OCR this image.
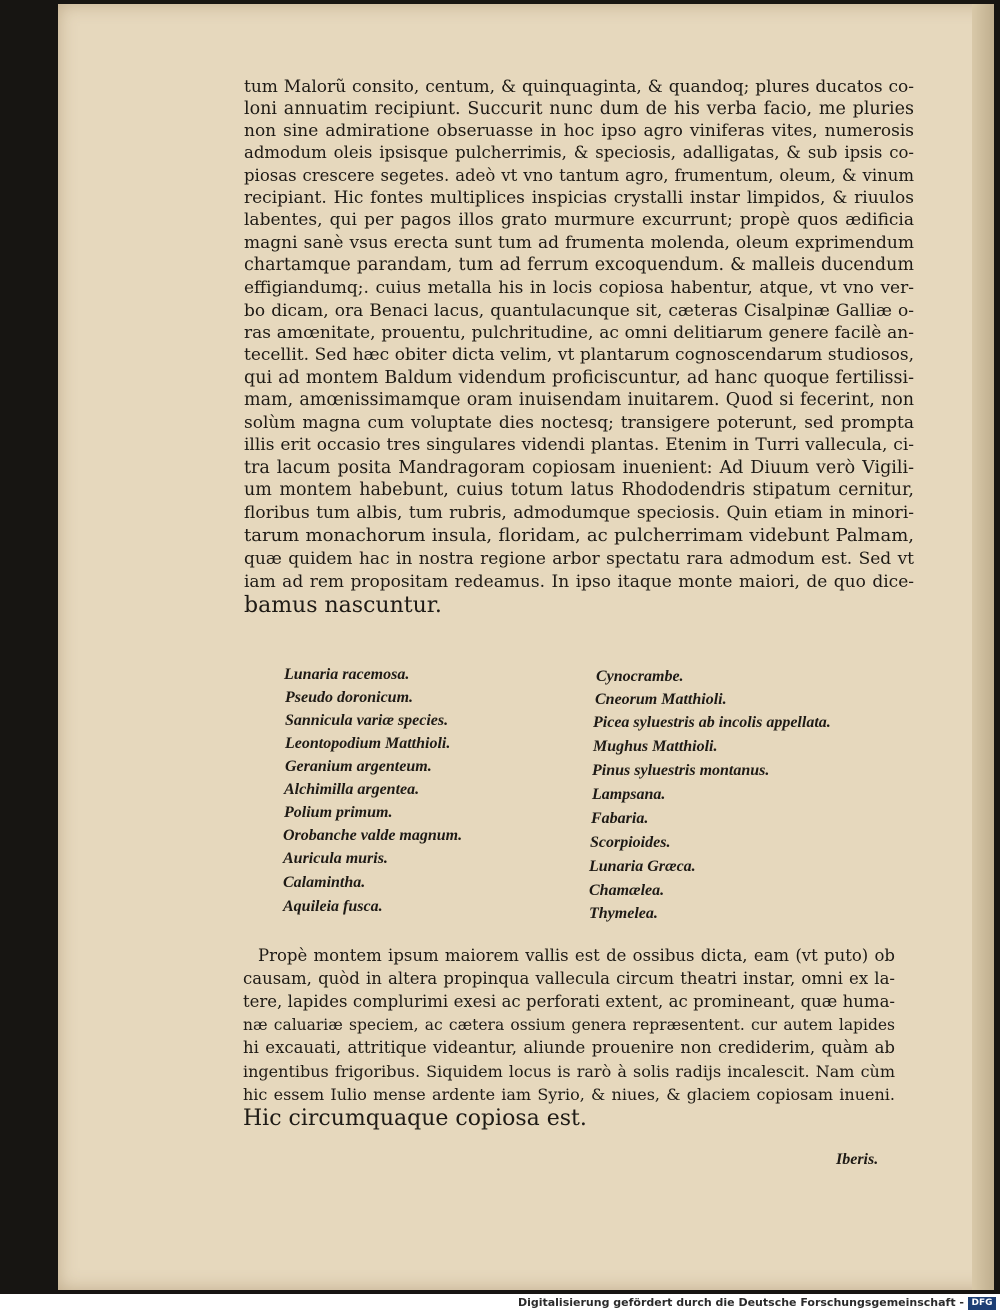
tum Malorũ consito, centum, & quinquaginta, & quandoq; plures ducatos co-

loni annuatim recipiunt. Succurit nunc dum de his verba facio, me pluries

non sine admiratione obseruasse in hoc ipso agro viniferas vites, numerosis

admodum oleis ipsisque pulcherrimis, & speciosis, adalligatas, & sub ipsis co-

piosas crescere segetes. adeò vt vno tantum agro, frumentum, oleum, & vinum

recipiant. Hic fontes multiplices inspicias crystalli instar limpidos, & riuulos

labentes, qui per pagos illos grato murmure excurrunt; propè quos ædificia

magni sanè vsus erecta sunt tum ad frumenta molenda, oleum exprimendum

chartamque parandam, tum ad ferrum excoquendum. & malleis ducendum

effigiandumq;. cuius metalla his in locis copiosa habentur, atque, vt vno ver-

bo dicam, ora Benaci lacus, quantulacunque sit, cæteras Cisalpinæ Galliæ o-

ras amœnitate, prouentu, pulchritudine, ac omni delitiarum genere facilè an-

tecellit. Sed hæc obiter dicta velim, vt plantarum cognoscendarum studiosos,

qui ad montem Baldum videndum proficiscuntur, ad hanc quoque fertilissi-

mam, amœnissimamque oram inuisendam inuitarem. Quod si fecerint, non

solùm magna cum voluptate dies noctesq; transigere poterunt, sed prompta

illis erit occasio tres singulares videndi plantas. Etenim in Turri vallecula, ci-

tra lacum posita Mandragoram copiosam inuenient: Ad Diuum verò Vigili-

um montem habebunt, cuius totum latus Rhododendris stipatum cernitur,

floribus tum albis, tum rubris, admodumque speciosis. Quin etiam in minori-

tarum monachorum insula, floridam, ac pulcherrimam videbunt Palmam,

quæ quidem hac in nostra regione arbor spectatu rara admodum est. Sed vt

iam ad rem propositam redeamus. In ipso itaque monte maiori, de quo dice-

bamus nascuntur.

Lunaria racemosa.

Pseudo doronicum.

Sannicula variæ species.

Leontopodium Matthioli.

Geranium argenteum.

Alchimilla argentea.

Polium primum.

Orobanche valde magnum.

Auricula muris.

Calamintha.

Aquileia fusca.

Cynocrambe.

Cneorum Matthioli.

Picea syluestris ab incolis appellata.

Mughus Matthioli.

Pinus syluestris montanus.

Lampsana.

Fabaria.

Scorpioides.

Lunaria Græca.

Chamælea.

Thymelea.

Propè montem ipsum maiorem vallis est de ossibus dicta, eam (vt puto) ob

causam, quòd in altera propinqua vallecula circum theatri instar, omni ex la-

tere, lapides complurimi exesi ac perforati extent, ac promineant, quæ huma-

næ caluariæ speciem, ac cætera ossium genera repræsentent. cur autem lapides

hi excauati, attritique videantur, aliunde prouenire non crediderim, quàm ab

ingentibus frigoribus. Siquidem locus is rarò à solis radijs incalescit. Nam cùm

hic essem Iulio mense ardente iam Syrio, & niues, & glaciem copiosam inueni.

Hic circumquaque copiosa est.

Iberis.

Digitalisierung gefördert durch die Deutsche Forschungsgemeinschaft - DFG
